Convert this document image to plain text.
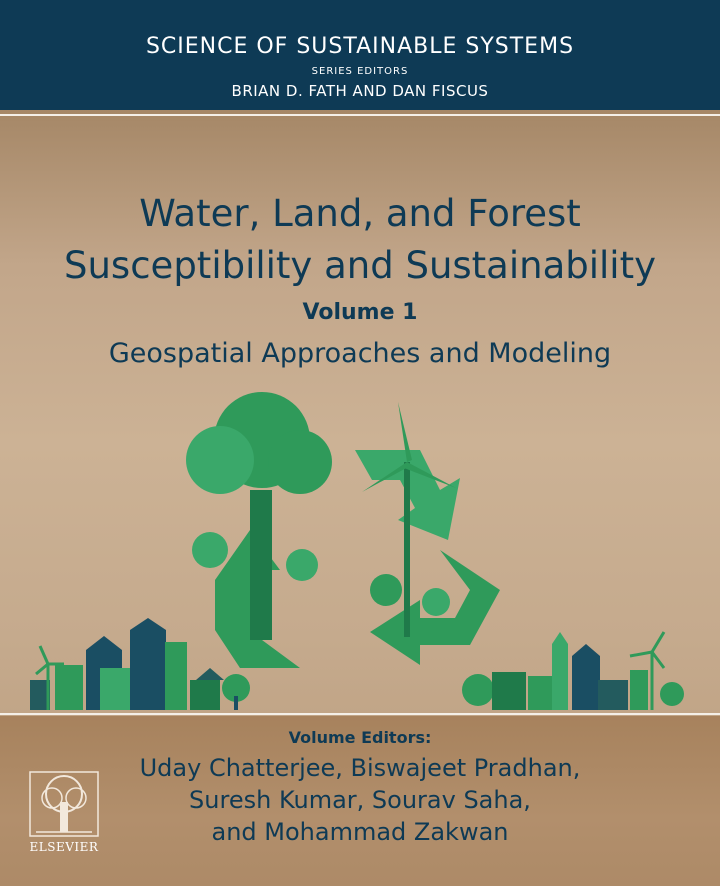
SCIENCE OF SUSTAINABLE SYSTEMS
SERIES EDITORS
BRIAN D. FATH AND DAN FISCUS
Water, Land, and Forest
Susceptibility and Sustainability
Volume 1
Geospatial Approaches and Modeling
Volume Editors:
Uday Chatterjee, Biswajeet Pradhan,
Suresh Kumar, Sourav Saha,
and Mohammad Zakwan
ELSEVIER
